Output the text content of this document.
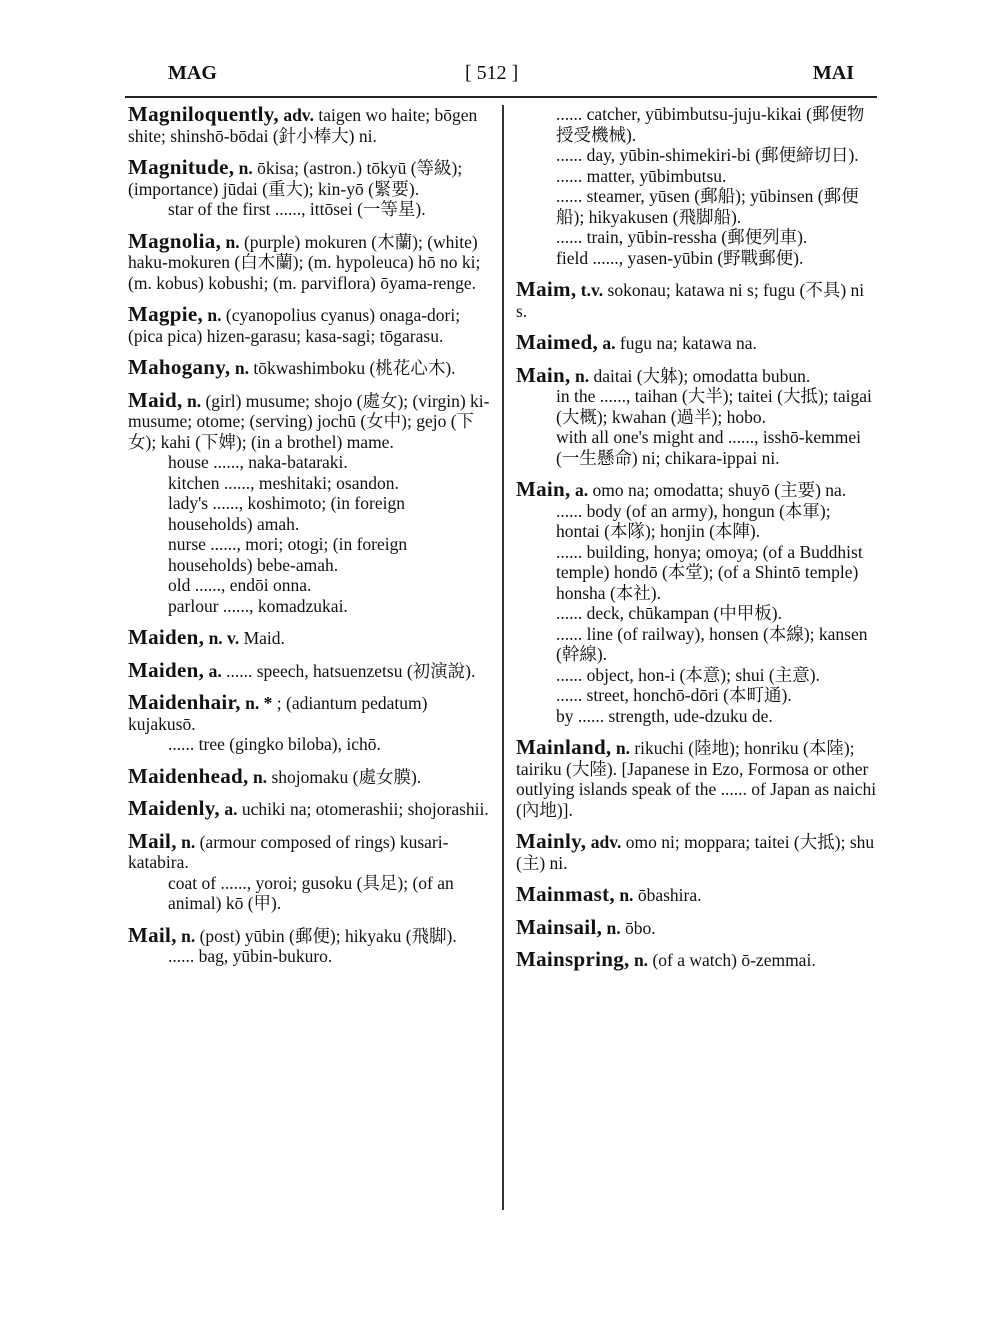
MAG	[ 512 ]	MAI
Magniloquently, adv. taigen wo haite; bōgen shite; shinshō-bōdai (針小棒大) ni.
Magnitude, n. ōkisa; (astron.) tōkyū (等級); (importance) jūdai (重大); kin-yō (緊要).
star of the first ......, ittōsei (一等星).
Magnolia, n. (purple) mokuren (木蘭); (white) haku-mokuren (白木蘭); (m. hypoleuca) hō no ki; (m. kobus) kobushi; (m. parviflora) ōyama-renge.
Magpie, n. (cyanopolius cyanus) onaga-dori; (pica pica) hizen-garasu; kasa-sagi; tōgarasu.
Mahogany, n. tōkwashimboku (桃花心木).
Maid, n. (girl) musume; shojo (處女); (virgin) ki-musume; otome; (serving) jochū (女中); gejo (下女); kahi (下婢); (in a brothel) mame.
house ......, naka-bataraki.
kitchen ......, meshitaki; osandon.
lady's ......, koshimoto; (in foreign households) amah.
nurse ......, mori; otogi; (in foreign households) bebe-amah.
old ......, endōi onna.
parlour ......, komadzukai.
Maiden, n. v. Maid.
Maiden, a. ...... speech, hatsuenzetsu (初演說).
Maidenhair, n. * ; (adiantum pedatum) kujakusō.
...... tree (gingko biloba), ichō.
Maidenhead, n. shojomaku (處女膜).
Maidenly, a. uchiki na; otomerashii; shojorashii.
Mail, n. (armour composed of rings) kusari-katabira.
coat of ......, yoroi; gusoku (具足); (of an animal) kō (甲).
Mail, n. (post) yūbin (郵便); hikyaku (飛脚).
...... bag, yūbin-bukuro.
...... catcher, yūbimbutsu-juju-kikai (郵便物授受機械).
...... day, yūbin-shimekiri-bi (郵便締切日).
...... matter, yūbimbutsu.
...... steamer, yūsen (郵船); yūbinsen (郵便船); hikyakusen (飛脚船).
...... train, yūbin-ressha (郵便列車).
field ......, yasen-yūbin (野戰郵便).
Maim, t.v. sokonau; katawa ni s; fugu (不具) ni s.
Maimed, a. fugu na; katawa na.
Main, n. daitai (大躰); omodatta bubun.
in the ......, taihan (大半); taitei (大抵); taigai (大概); kwahan (過半); hobo.
with all one's might and ......, isshō-kemmei (一生懸命) ni; chikara-ippai ni.
Main, a. omo na; omodatta; shuyō (主要) na.
...... body (of an army), hongun (本軍); hontai (本隊); honjin (本陣).
...... building, honya; omoya; (of a Buddhist temple) hondō (本堂); (of a Shintō temple) honsha (本社).
...... deck, chūkampan (中甲板).
...... line (of railway), honsen (本線); kansen (幹線).
...... object, hon-i (本意); shui (主意).
...... street, honchō-dōri (本町通).
by ...... strength, ude-dzuku de.
Mainland, n. rikuchi (陸地); honriku (本陸); tairiku (大陸). [Japanese in Ezo, Formosa or other outlying islands speak of the ...... of Japan as naichi (內地)].
Mainly, adv. omo ni; moppara; taitei (大抵); shu (主) ni.
Mainmast, n. ōbashira.
Mainsail, n. ōbo.
Mainspring, n. (of a watch) ō-zemmai.
